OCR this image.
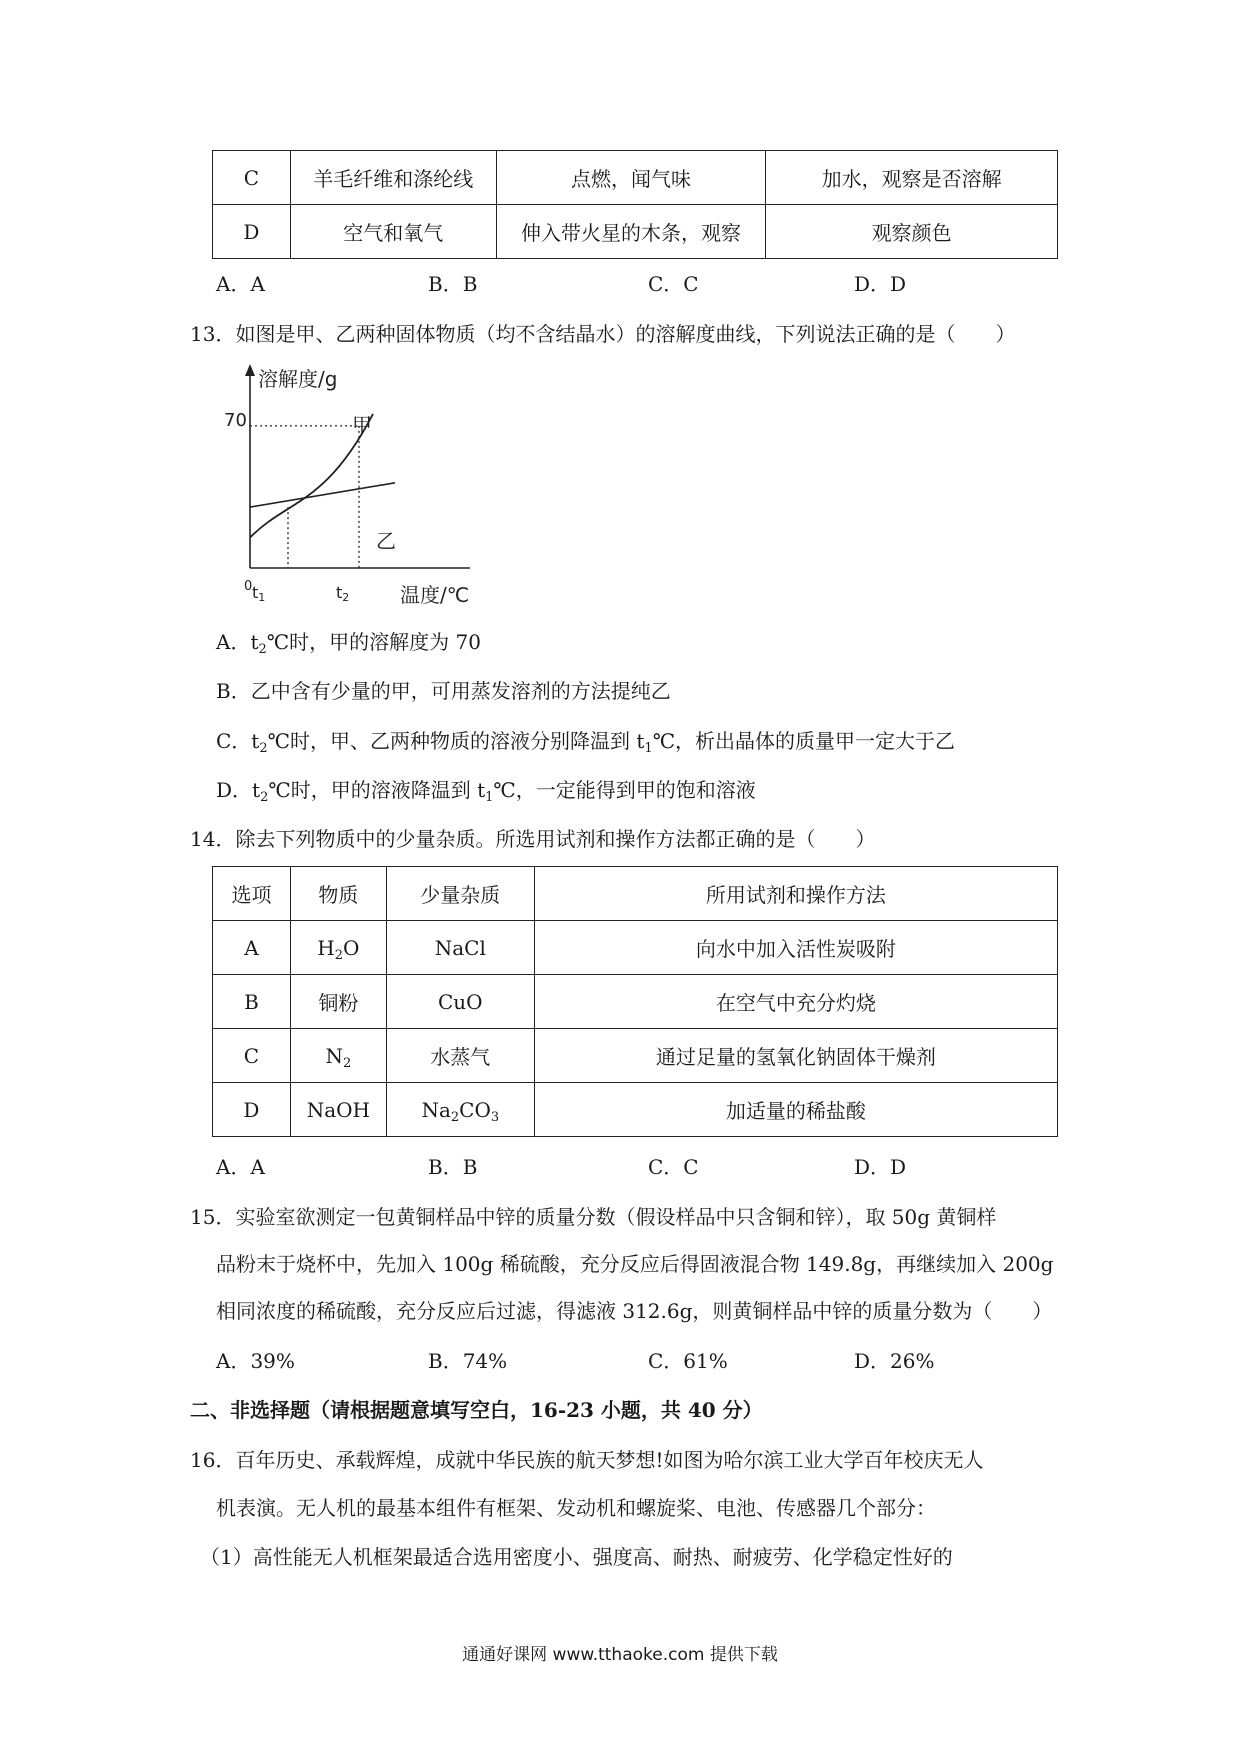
C	羊毛纤维和涤纶线	点燃，闻气味	加水，观察是否溶解
D	空气和氧气	伸入带火星的木条，观察	观察颜色
A．A	B．B	C．C	D．D
13．如图是甲、乙两种固体物质（均不含结晶水）的溶解度曲线，下列说法正确的是（　　）
溶解度/g
温度/℃
0
70	甲
乙
t1	t2
A．$t_2℃$时，甲的溶解度为 70
B．乙中含有少量的甲，可用蒸发溶剂的方法提纯乙
C．$t_2℃$时，甲、乙两种物质的溶液分别降温到 $t_1℃$，析出晶体的质量甲一定大于乙
D．$t_2℃$时，甲的溶液降温到 $t_1℃$，一定能得到甲的饱和溶液
14．除去下列物质中的少量杂质。所选用试剂和操作方法都正确的是（　　）
选项	物质	少量杂质	所用试剂和操作方法
A	$H_2O$	NaCl	向水中加入活性炭吸附
B	铜粉	CuO	在空气中充分灼烧
C	$N_2$	水蒸气	通过足量的氢氧化钠固体干燥剂
D	NaOH	$Na_2CO_3$	加适量的稀盐酸
A．A	B．B	C．C	D．D
15．实验室欲测定一包黄铜样品中锌的质量分数（假设样品中只含铜和锌），取 50g 黄铜样
品粉末于烧杯中，先加入 100g 稀硫酸，充分反应后得固液混合物 149.8g，再继续加入 200g
相同浓度的稀硫酸，充分反应后过滤，得滤液 312.6g，则黄铜样品中锌的质量分数为（　　）
A．39%	B．74%	C．61%	D．26%
二、非选择题（请根据题意填写空白，16-23 小题，共 40 分）
16．百年历史、承载辉煌，成就中华民族的航天梦想!如图为哈尔滨工业大学百年校庆无人
机表演。无人机的最基本组件有框架、发动机和螺旋桨、电池、传感器几个部分：
（1）高性能无人机框架最适合选用密度小、强度高、耐热、耐疲劳、化学稳定性好的
通通好课网 www.tthaoke.com 提供下载
